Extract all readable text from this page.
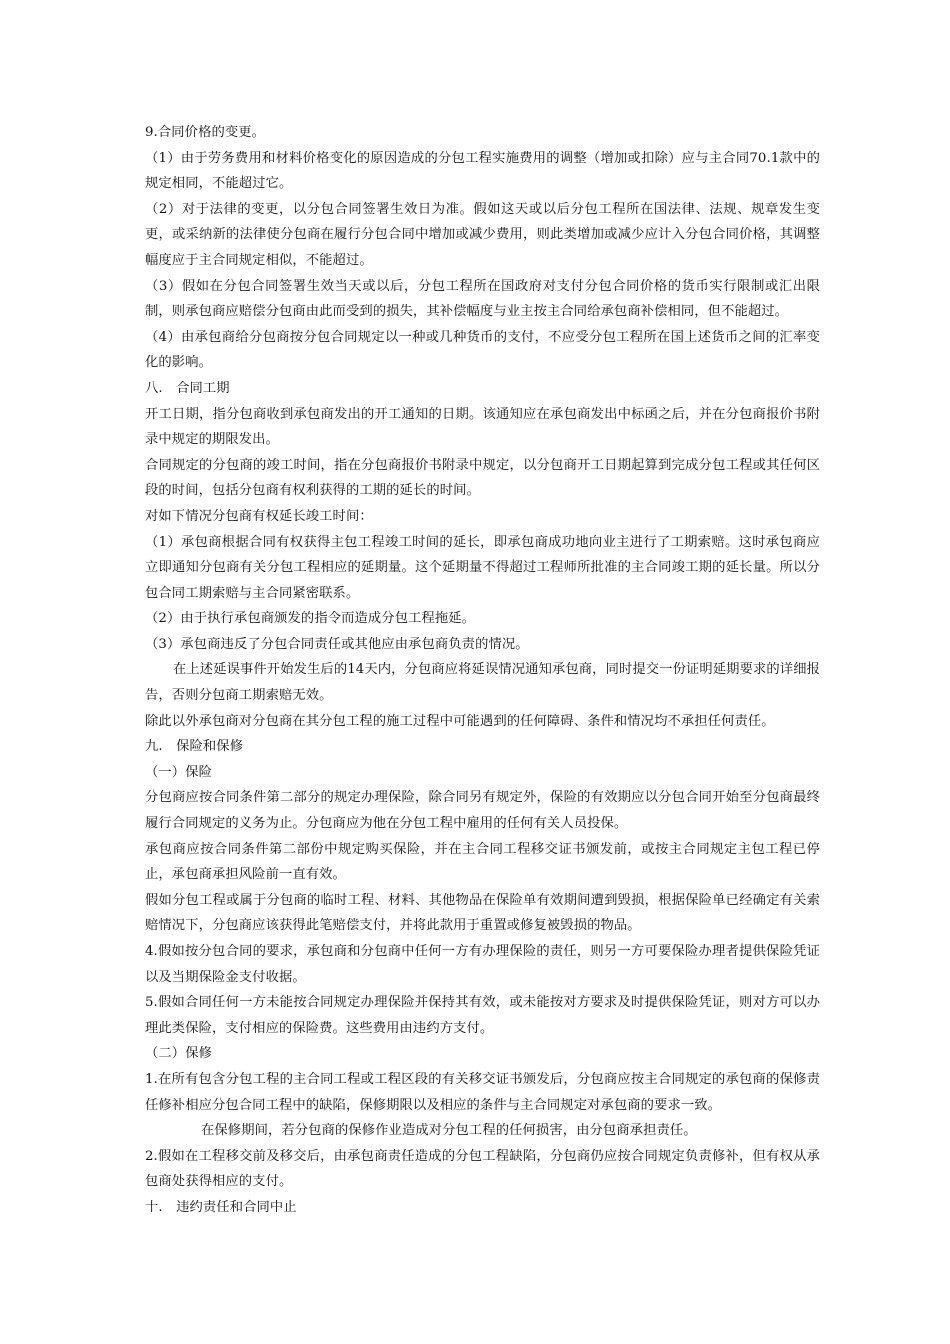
9.合同价格的变更。

（1）由于劳务费用和材料价格变化的原因造成的分包工程实施费用的调整（增加或扣除）应与主合同70.1款中的规定相同，不能超过它。

（2）对于法律的变更，以分包合同签署生效日为准。假如这天或以后分包工程所在国法律、法规、规章发生变更，或采纳新的法律使分包商在履行分包合同中增加或减少费用，则此类增加或减少应计入分包合同价格，其调整幅度应于主合同规定相似，不能超过。

（3）假如在分包合同签署生效当天或以后，分包工程所在国政府对支付分包合同价格的货币实行限制或汇出限制，则承包商应赔偿分包商由此而受到的损失，其补偿幅度与业主按主合同给承包商补偿相同，但不能超过。

（4）由承包商给分包商按分包合同规定以一种或几种货币的支付，不应受分包工程所在国上述货币之间的汇率变化的影响。

八.　合同工期

开工日期，指分包商收到承包商发出的开工通知的日期。该通知应在承包商发出中标函之后，并在分包商报价书附录中规定的期限发出。

合同规定的分包商的竣工时间，指在分包商报价书附录中规定，以分包商开工日期起算到完成分包工程或其任何区段的时间，包括分包商有权利获得的工期的延长的时间。

对如下情况分包商有权延长竣工时间：

（1）承包商根据合同有权获得主包工程竣工时间的延长，即承包商成功地向业主进行了工期索赔。这时承包商应立即通知分包商有关分包工程相应的延期量。这个延期量不得超过工程师所批准的主合同竣工期的延长量。所以分包合同工期索赔与主合同紧密联系。

（2）由于执行承包商颁发的指令而造成分包工程拖延。

（3）承包商违反了分包合同责任或其他应由承包商负责的情况。

在上述延误事件开始发生后的14天内，分包商应将延误情况通知承包商，同时提交一份证明延期要求的详细报告，否则分包商工期索赔无效。

除此以外承包商对分包商在其分包工程的施工过程中可能遇到的任何障碍、条件和情况均不承担任何责任。

九.　保险和保修

（一）保险

分包商应按合同条件第二部分的规定办理保险，除合同另有规定外，保险的有效期应以分包合同开始至分包商最终履行合同规定的义务为止。分包商应为他在分包工程中雇用的任何有关人员投保。

承包商应按合同条件第二部份中规定购买保险，并在主合同工程移交证书颁发前，或按主合同规定主包工程已停止，承包商承担风险前一直有效。

假如分包工程或属于分包商的临时工程、材料、其他物品在保险单有效期间遭到毁损，根据保险单已经确定有关索赔情况下，分包商应该获得此笔赔偿支付，并将此款用于重置或修复被毁损的物品。

4.假如按分包合同的要求，承包商和分包商中任何一方有办理保险的责任，则另一方可要保险办理者提供保险凭证以及当期保险金支付收据。

5.假如合同任何一方未能按合同规定办理保险并保持其有效，或未能按对方要求及时提供保险凭证，则对方可以办理此类保险，支付相应的保险费。这些费用由违约方支付。

（二）保修

1.在所有包含分包工程的主合同工程或工程区段的有关移交证书颁发后，分包商应按主合同规定的承包商的保修责任修补相应分包合同工程中的缺陷，保修期限以及相应的条件与主合同规定对承包商的要求一致。

在保修期间，若分包商的保修作业造成对分包工程的任何损害，由分包商承担责任。

2.假如在工程移交前及移交后，由承包商责任造成的分包工程缺陷，分包商仍应按合同规定负责修补，但有权从承包商处获得相应的支付。

十.　违约责任和合同中止
